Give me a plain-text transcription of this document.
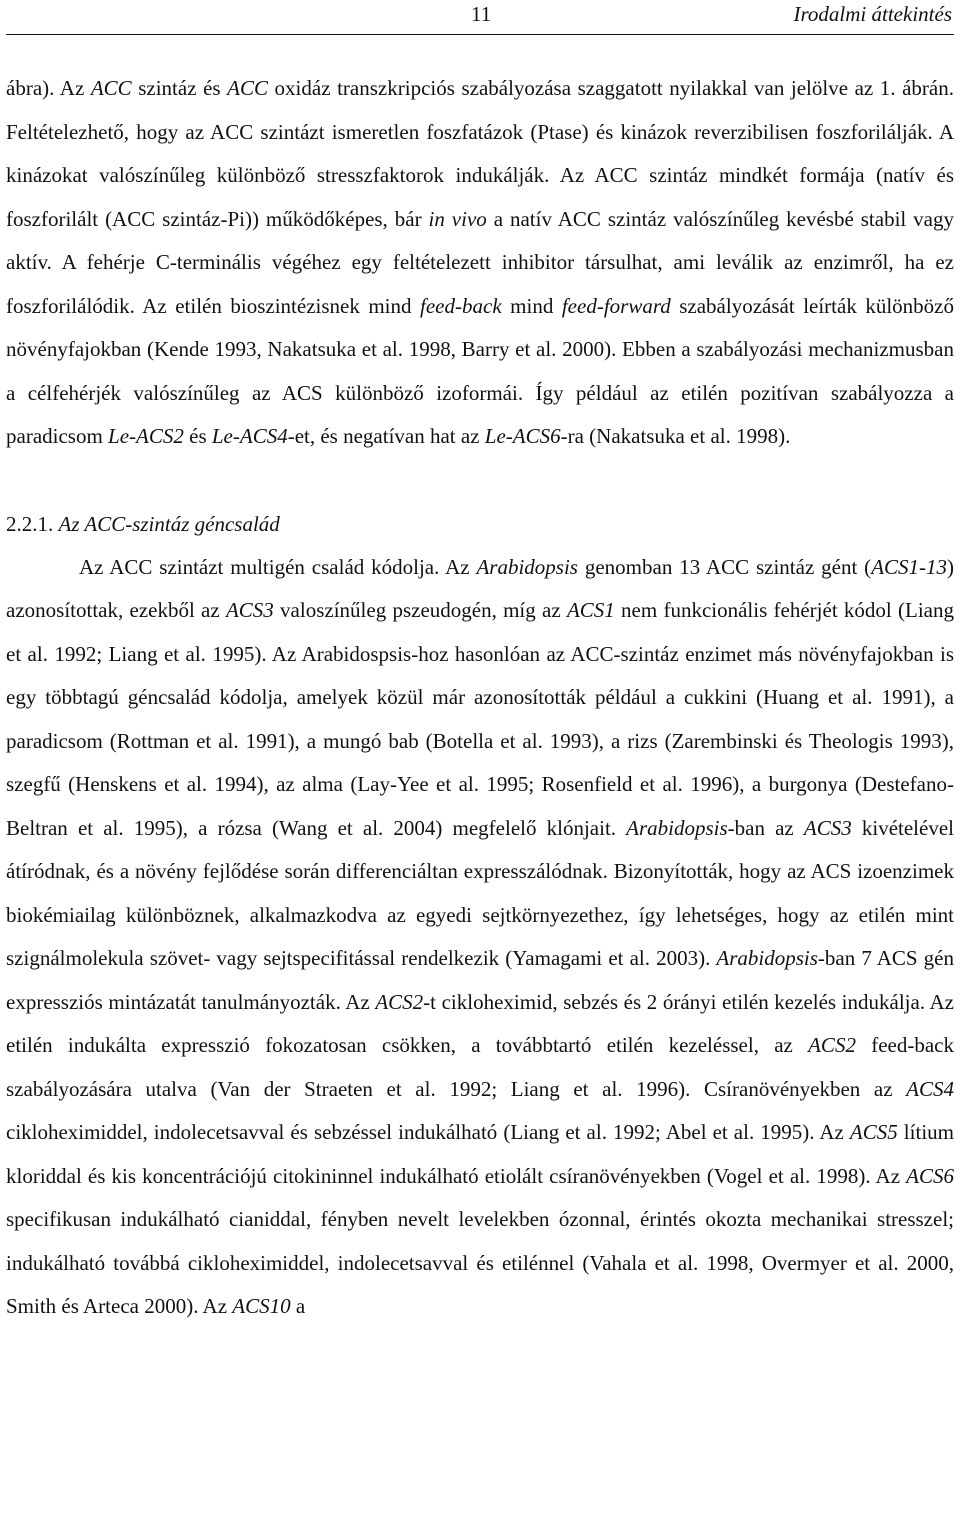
11	Irodalmi áttekintés

ábra). Az ACC szintáz és ACC oxidáz transzkripciós szabályozása szaggatott nyilakkal van jelölve az 1. ábrán. Feltételezhető, hogy az ACC szintázt ismeretlen foszfatázok (Ptase) és kinázok reverzibilisen foszforilálják. A kinázokat valószínűleg különböző stresszfaktorok indukálják. Az ACC szintáz mindkét formája (natív és foszforilált (ACC szintáz-Pi)) működőképes, bár in vivo a natív ACC szintáz valószínűleg kevésbé stabil vagy aktív. A fehérje C-terminális végéhez egy feltételezett inhibitor társulhat, ami leválik az enzimről, ha ez foszforilálódik. Az etilén bioszintézisnek mind feed-back mind feed-forward szabályozását leírták különböző növényfajokban (Kende 1993, Nakatsuka et al. 1998, Barry et al. 2000). Ebben a szabályozási mechanizmusban a célfehérjék valószínűleg az ACS különböző izoformái. Így például az etilén pozitívan szabályozza a paradicsom Le-ACS2 és Le-ACS4-et, és negatívan hat az Le-ACS6-ra (Nakatsuka et al. 1998).

2.2.1. Az ACC-szintáz géncsalád

Az ACC szintázt multigén család kódolja. Az Arabidopsis genomban 13 ACC szintáz gént (ACS1-13) azonosítottak, ezekből az ACS3 valoszínűleg pszeudogén, míg az ACS1 nem funkcionális fehérjét kódol (Liang et al. 1992; Liang et al. 1995). Az Arabidospsis-hoz hasonlóan az ACC-szintáz enzimet más növényfajokban is egy többtagú géncsalád kódolja, amelyek közül már azonosították például a cukkini (Huang et al. 1991), a paradicsom (Rottman et al. 1991), a mungó bab (Botella et al. 1993), a rizs (Zarembinski és Theologis 1993), szegfű (Henskens et al. 1994), az alma (Lay-Yee et al. 1995; Rosenfield et al. 1996), a burgonya (Destefano-Beltran et al. 1995), a rózsa (Wang et al. 2004) megfelelő klónjait. Arabidopsis-ban az ACS3 kivételével átíródnak, és a növény fejlődése során differenciáltan expresszálódnak. Bizonyították, hogy az ACS izoenzimek biokémiailag különböznek, alkalmazkodva az egyedi sejtkörnyezethez, így lehetséges, hogy az etilén mint szignálmolekula szövet- vagy sejtspecifitással rendelkezik (Yamagami et al. 2003). Arabidopsis-ban 7 ACS gén expressziós mintázatát tanulmányozták. Az ACS2-t cikloheximid, sebzés és 2 órányi etilén kezelés indukálja. Az etilén indukálta expresszió fokozatosan csökken, a továbbtartó etilén kezeléssel, az ACS2 feed-back szabályozására utalva (Van der Straeten et al. 1992; Liang et al. 1996). Csíranövényekben az ACS4 cikloheximiddel, indolecetsavval és sebzéssel indukálható (Liang et al. 1992; Abel et al. 1995). Az ACS5 lítium kloriddal és kis koncentrációjú citokininnel indukálható etiolált csíranövényekben (Vogel et al. 1998). Az ACS6 specifikusan indukálható cianiddal, fényben nevelt levelekben ózonnal, érintés okozta mechanikai stresszel; indukálható továbbá cikloheximiddel, indolecetsavval és etilénnel (Vahala et al. 1998, Overmyer et al. 2000, Smith és Arteca 2000). Az ACS10 a
